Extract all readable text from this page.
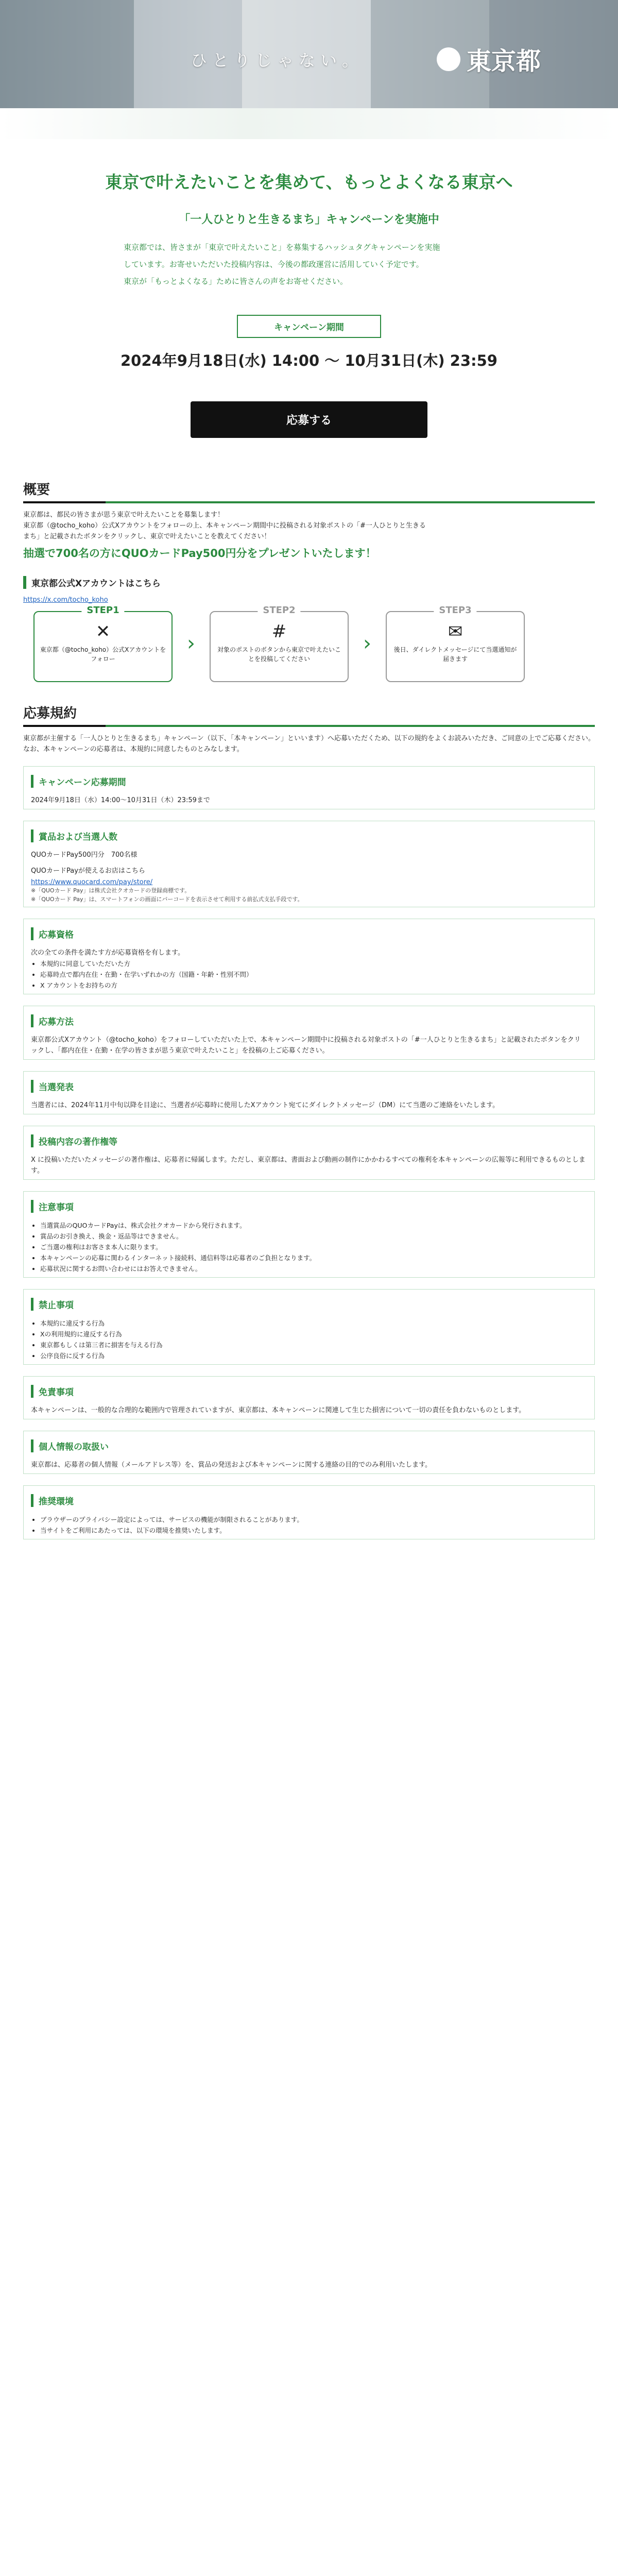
ひとりじゃない。	東京都
東京で叶えたいことを集めて、もっとよくなる東京へ
「一人ひとりと生きるまち」キャンペーンを実施中

東京都では、皆さまが「東京で叶えたいこと」を募集するハッシュタグキャンペーンを実施

しています。お寄せいただいた投稿内容は、今後の都政運営に活用していく予定です。

東京が「もっとよくなる」ために皆さんの声をお寄せください。

キャンペーン期間
2024年9月18日(水) 14:00 〜 10月31日(木) 23:59
応募する
概要

東京都は、都民の皆さまが思う東京で叶えたいことを募集します！

東京都（@tocho_koho）公式Xアカウントをフォローの上、本キャンペーン期間中に投稿される対象ポストの「#一人ひとりと生きる

まち」と記載されたボタンをクリックし、東京で叶えたいことを教えてください！

抽選で700名の方にQUOカードPay500円分をプレゼントいたします！
東京都公式Xアカウントはこちら
https://x.com/tocho_koho
STEP1
✕
東京都（@tocho_koho）公式Xアカウントをフォロー
›
STEP2
#
対象のポストのボタンから東京で叶えたいことを投稿してください
›
STEP3
✉
後日、ダイレクトメッセージにて当選通知が届きます
応募規約

東京都が主催する「一人ひとりと生きるまち」キャンペーン（以下、「本キャンペーン」といいます）へ応募いただくため、以下の規約をよくお読みいただき、ご同意の上でご応募ください。なお、本キャンペーンの応募者は、本規約に同意したものとみなします。

キャンペーン応募期間

2024年9月18日（水）14:00〜10月31日（木）23:59まで

賞品および当選人数

QUOカードPay500円分　700名様

QUOカードPayが使えるお店はこちら

https://www.quocard.com/pay/store/

※「QUOカード Pay」は株式会社クオカードの登録商標です。

※「QUOカード Pay」は、スマートフォンの画面にバーコードを表示させて利用する前払式支払手段です。

応募資格

次の全ての条件を満たす方が応募資格を有します。

• 本規約に同意していただいた方
• 応募時点で都内在住・在勤・在学いずれかの方（国籍・年齢・性別不問）
• X アカウントをお持ちの方
応募方法

東京都公式Xアカウント（@tocho_koho）をフォローしていただいた上で、本キャンペーン期間中に投稿される対象ポストの「#一人ひとりと生きるまち」と記載されたボタンをクリックし、「都内在住・在勤・在学の皆さまが思う東京で叶えたいこと」を投稿の上ご応募ください。

当選発表

当選者には、2024年11月中旬以降を目途に、当選者が応募時に使用したXアカウント宛てにダイレクトメッセージ（DM）にて当選のご連絡をいたします。

投稿内容の著作権等

X に投稿いただいたメッセージの著作権は、応募者に帰属します。ただし、東京都は、書面および動画の制作にかかわるすべての権利を本キャンペーンの広報等に利用できるものとします。

注意事項
• 当選賞品のQUOカードPayは、株式会社クオカードから発行されます。
• 賞品のお引き換え、換金・返品等はできません。
• ご当選の権利はお客さま本人に限ります。
• 本キャンペーンの応募に関わるインターネット接続料、通信料等は応募者のご負担となります。
• 応募状況に関するお問い合わせにはお答えできません。
禁止事項
• 本規約に違反する行為
• Xの利用規約に違反する行為
• 東京都もしくは第三者に損害を与える行為
• 公序良俗に反する行為
免責事項

本キャンペーンは、一般的な合理的な範囲内で管理されていますが、東京都は、本キャンペーンに関連して生じた損害について一切の責任を負わないものとします。

個人情報の取扱い

東京都は、応募者の個人情報（メールアドレス等）を、賞品の発送および本キャンペーンに関する連絡の目的でのみ利用いたします。

推奨環境
• ブラウザーのプライバシー設定によっては、サービスの機能が制限されることがあります。
• 当サイトをご利用にあたっては、以下の環境を推奨いたします。
